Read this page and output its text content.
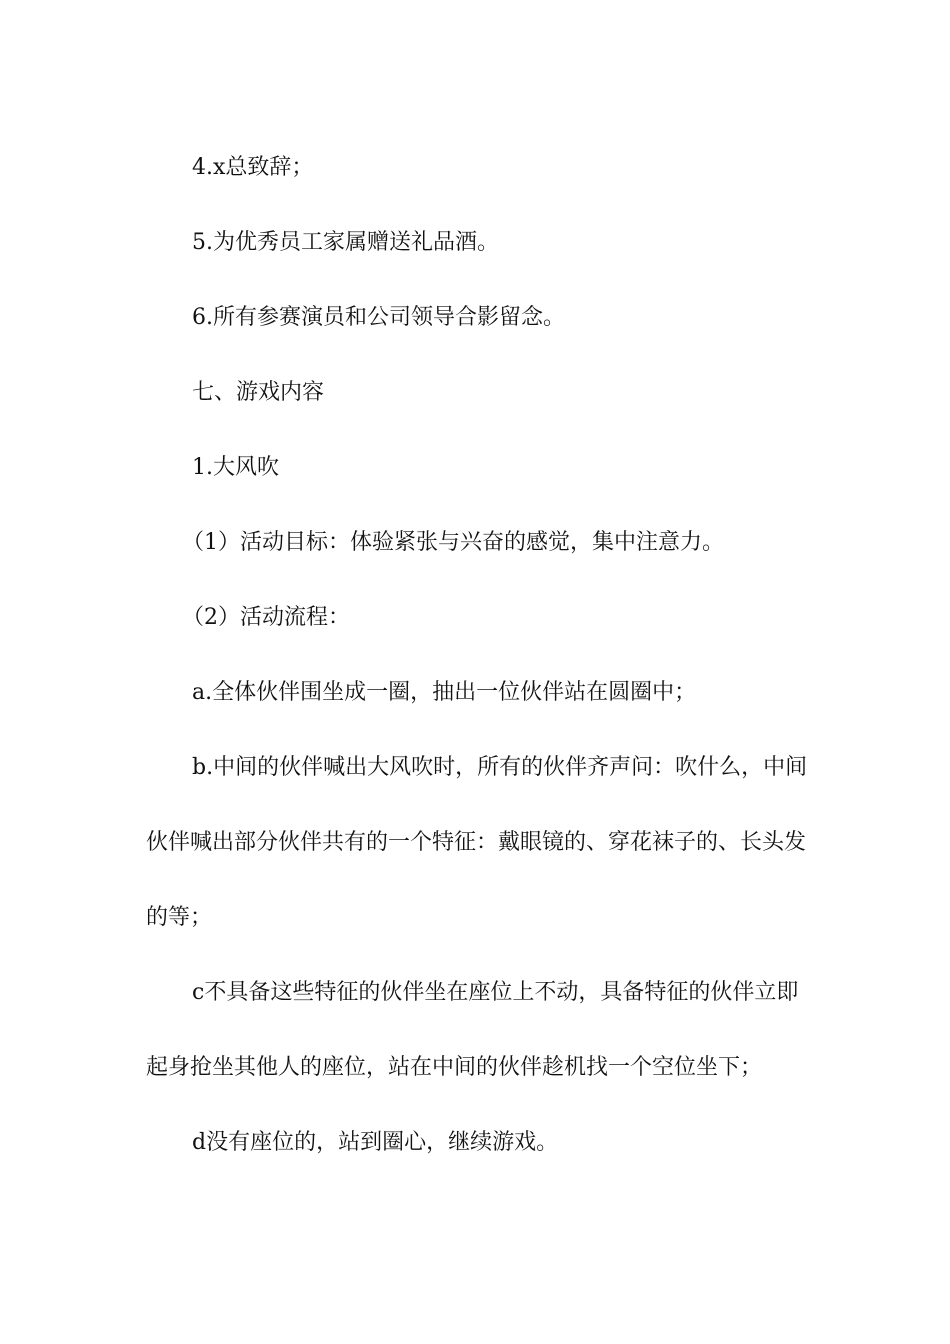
4.x总致辞；

5.为优秀员工家属赠送礼品酒。

6.所有参赛演员和公司领导合影留念。

七、游戏内容

1.大风吹

（1）活动目标：体验紧张与兴奋的感觉，集中注意力。

（2）活动流程：

a.全体伙伴围坐成一圈，抽出一位伙伴站在圆圈中；

b.中间的伙伴喊出大风吹时，所有的伙伴齐声问：吹什么，中间伙伴喊出部分伙伴共有的一个特征：戴眼镜的、穿花袜子的、长头发的等；

c不具备这些特征的伙伴坐在座位上不动，具备特征的伙伴立即起身抢坐其他人的座位，站在中间的伙伴趁机找一个空位坐下；

d没有座位的，站到圈心，继续游戏。
